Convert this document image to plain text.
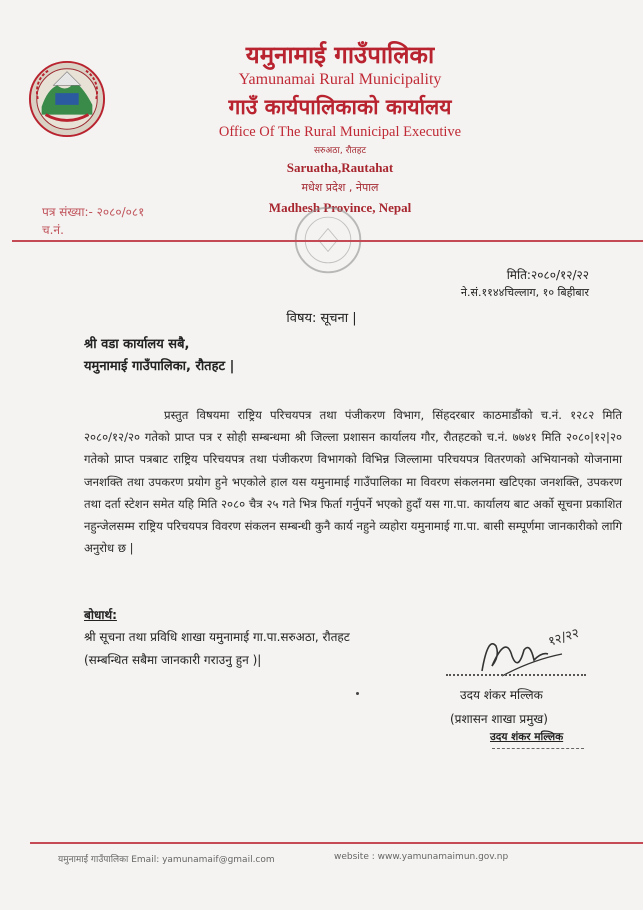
यमुनामाई गाउँपालिका
Yamunamai Rural Municipality
गाउँ कार्यपालिकाको कार्यालय
Office Of The Rural Municipal Executive
सरुअठा, रौतहट
Saruatha,Rautahat
मधेश प्रदेश , नेपाल
Madhesh Province, Nepal
पत्र संख्या:- २०८०/०८१
च.नं.
मिति:२०८०/१२/२२
ने.सं.११४४चिल्लाग, १० बिहीबार
विषय: सूचना |
श्री वडा कार्यालय सबै,
यमुनामाई गाउँपालिका, रौतहट |
प्रस्तुत विषयमा राष्ट्रिय परिचयपत्र तथा पंजीकरण विभाग, सिंहदरबार काठमाडौंको च.नं. १२८२ मिति २०८०/१२/२० गतेको प्राप्त पत्र र सोही सम्बन्धमा श्री जिल्ला प्रशासन कार्यालय गौर, रौतहटको च.नं. ७७४१ मिति २०८०|१२|२० गतेको प्राप्त पत्रबाट राष्ट्रिय परिचयपत्र तथा पंजीकरण विभागको विभिन्न जिल्लामा परिचयपत्र वितरणको अभियानको योजनामा जनशक्ति तथा उपकरण प्रयोग हुने भएकोले हाल यस यमुनामाई गाउँपालिका मा विवरण संकलनमा खटिएका जनशक्ति, उपकरण तथा दर्ता स्टेशन समेत यहि मिति २०८० चैत्र २५ गते भित्र फिर्ता गर्नुपर्ने भएको हुदाँ यस गा.पा. कार्यालय बाट अर्को सूचना प्रकाशित नहुन्जेलसम्म राष्ट्रिय परिचयपत्र विवरण संकलन सम्बन्धी कुनै कार्य नहुने व्यहोरा यमुनामाई गा.पा. बासी सम्पूर्णमा जानकारीको लागि अनुरोध छ |
बोधार्थ:
श्री सूचना तथा प्रविधि शाखा यमुनामाई गा.पा.सरुअठा, रौतहट
(सम्बन्धित सबैमा जानकारी गराउनु हुन )|
१२/२२
उदय शंकर मल्लिक
(प्रशासन शाखा प्रमुख)
उदय शंकर मल्लिक
यमुनामाई गाउँपालिका Email: yamunamaif@gmail.com	website : www.yamunamaimun.gov.np
